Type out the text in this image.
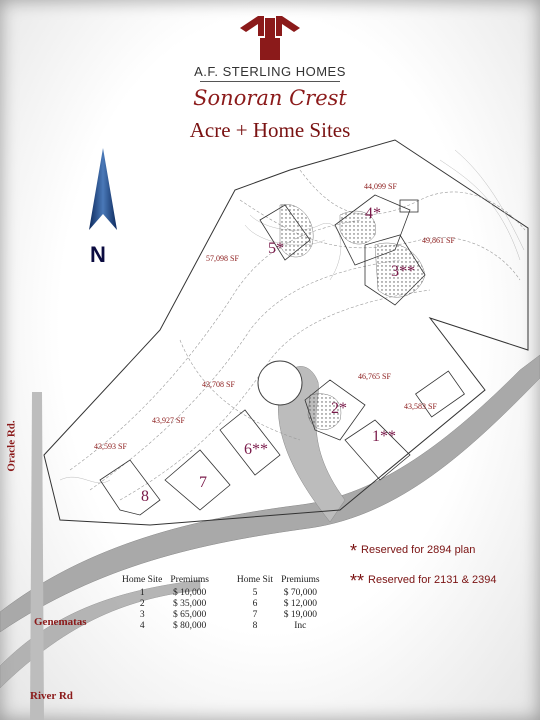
A.F. STERLING HOMES
Sonoran Crest
Acre + Home Sites
N
44,099 SF
49,861 SF
57,098 SF
43,708 SF
46,765 SF
43,583 SF
43,927 SF
43,593 SF
4*
3**
5*
2*
1**
6**
7
8
Oracle Rd.
Genematas
River Rd
* Reserved for 2894 plan
** Reserved for 2131 & 2394
Home Site	Premiums		Home Sit	Premiums
1	$ 10,000		5	$ 70,000
2	$ 35,000		6	$ 12,000
3	$ 65,000		7	$ 19,000
4	$ 80,000		8	Inc
